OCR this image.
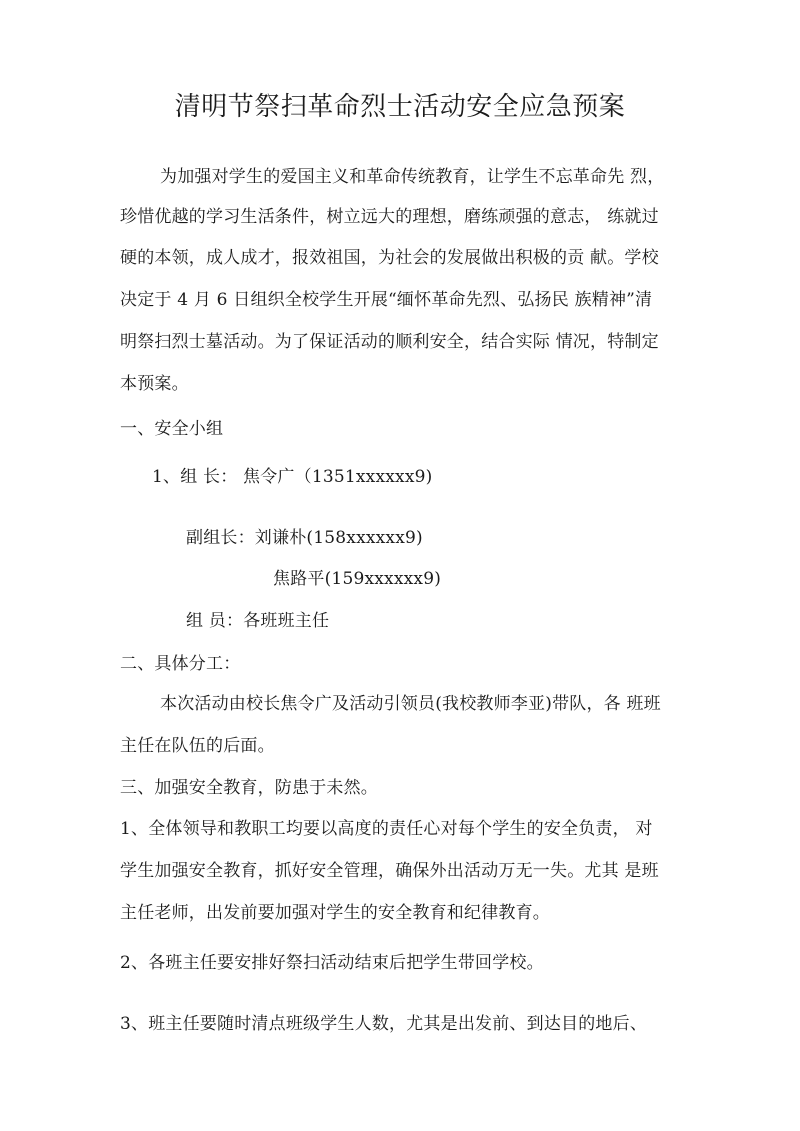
清明节祭扫革命烈士活动安全应急预案
为加强对学生的爱国主义和革命传统教育，让学生不忘革命先 烈，
珍惜优越的学习生活条件，树立远大的理想，磨练顽强的意志， 练就过
硬的本领，成人成才，报效祖国，为社会的发展做出积极的贡 献。学校
决定于 4 月 6 日组织全校学生开展“缅怀革命先烈、弘扬民 族精神”清
明祭扫烈士墓活动。为了保证活动的顺利安全，结合实际 情况，特制定
本预案。
一、安全小组
1、组 长： 焦令广（1351xxxxxx9)
副组长：刘谦朴(158xxxxxx9)
焦路平(159xxxxxx9)
组 员：各班班主任
二、具体分工：
本次活动由校长焦令广及活动引领员(我校教师李亚)带队，各 班班
主任在队伍的后面。
三、加强安全教育，防患于未然。
1、全体领导和教职工均要以高度的责任心对每个学生的安全负责， 对
学生加强安全教育，抓好安全管理，确保外出活动万无一失。尤其 是班
主任老师，出发前要加强对学生的安全教育和纪律教育。
2、各班主任要安排好祭扫活动结束后把学生带回学校。
3、班主任要随时清点班级学生人数，尤其是出发前、到达目的地后、
